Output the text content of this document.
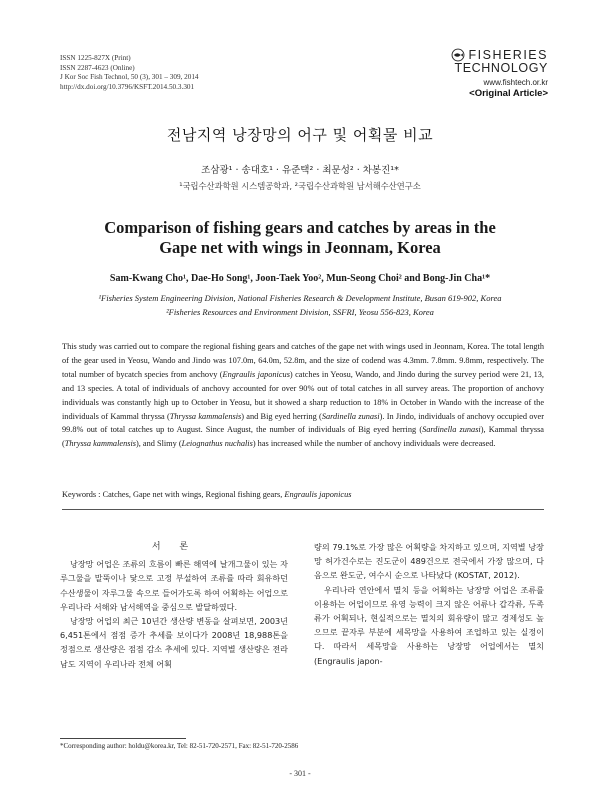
ISSN 1225-827X (Print)
ISSN 2287-4623 (Online)
J Kor Soc Fish Technol, 50 (3), 301 – 309, 2014
http://dx.doi.org/10.3796/KSFT.2014.50.3.301
FISHERIES
TECHNOLOGY
www.fishtech.or.kr
<Original Article>
전남지역 낭장망의 어구 및 어획물 비교
조삼광¹ · 송대호¹ · 유준택² · 최문성² · 차봉진¹*
¹국립수산과학원 시스템공학과, ²국립수산과학원 남서해수산연구소
Comparison of fishing gears and catches by areas in the
Gape net with wings in Jeonnam, Korea
Sam-Kwang Cho¹, Dae-Ho Song¹, Joon-Taek Yoo², Mun-Seong Choi² and Bong-Jin Cha¹*
¹Fisheries System Engineering Division, National Fisheries Research & Development Institute, Busan 619-902, Korea
²Fisheries Resources and Environment Division, SSFRI, Yeosu 556-823, Korea

This study was carried out to compare the regional fishing gears and catches of the gape net with wings used in Jeonnam, Korea. The total length of the gear used in Yeosu, Wando and Jindo was 107.0m, 64.0m, 52.8m, and the size of codend was 4.3mm. 7.8mm. 9.8mm, respectively. The total number of bycatch species from anchovy (Engraulis japonicus) catches in Yeosu, Wando, and Jindo during the survey period were 21, 13, and 13 species. A total of individuals of anchovy accounted for over 90% out of total catches in all survey areas. The proportion of anchovy individuals was constantly high up to October in Yeosu, but it showed a sharp reduction to 18% in October in Wando with the increase of the individuals of Kammal thryssa (Thryssa kammalensis) and Big eyed herring (Sardinella zunasi). In Jindo, individuals of anchovy occupied over 99.8% out of total catches up to August. Since August, the number of individuals of Big eyed herring (Sardinella zunasi), Kammal thryssa (Thryssa kammalensis), and Slimy (Leiognathus nuchalis) has increased while the number of anchovy individuals were decreased.

Keywords : Catches, Gape net with wings, Regional fishing gears, Engraulis japonicus
서 론

낭장망 어업은 조류의 흐름이 빠른 해역에 날개그물이 있는 자루그물을 말뚝이나 닻으로 고정 부설하여 조류를 따라 회유하던 수산생물이 자루그물 속으로 들어가도록 하여 어획하는 어업으로 우리나라 서해와 남서해역을 중심으로 발달하였다.

낭장망 어업의 최근 10년간 생산량 변동을 살펴보면, 2003년 6,451톤에서 점점 증가 추세를 보이다가 2008년 18,988톤을 정점으로 생산량은 점점 감소 추세에 있다. 지역별 생산량은 전라남도 지역이 우리나라 전체 어획

량의 79.1%로 가장 많은 어획량을 차지하고 있으며, 지역별 낭장망 허가건수로는 진도군이 489건으로 전국에서 가장 많으며, 다음으로 완도군, 여수시 순으로 나타났다 (KOSTAT, 2012).

우리나라 연안에서 멸치 등을 어획하는 낭장망 어업은 조류를 이용하는 어업이므로 유영 능력이 크지 않은 어류나 갑각류, 두족류가 어획되나, 현실적으로는 멸치의 회유량이 많고 경제성도 높으므로 끝자루 부분에 세목망을 사용하여 조업하고 있는 실정이다. 따라서 세목망을 사용하는 낭장망 어업에서는 멸치 (Engraulis japon-

*Corresponding author: holdu@korea.kr, Tel: 82-51-720-2571, Fax: 82-51-720-2586
- 301 -
